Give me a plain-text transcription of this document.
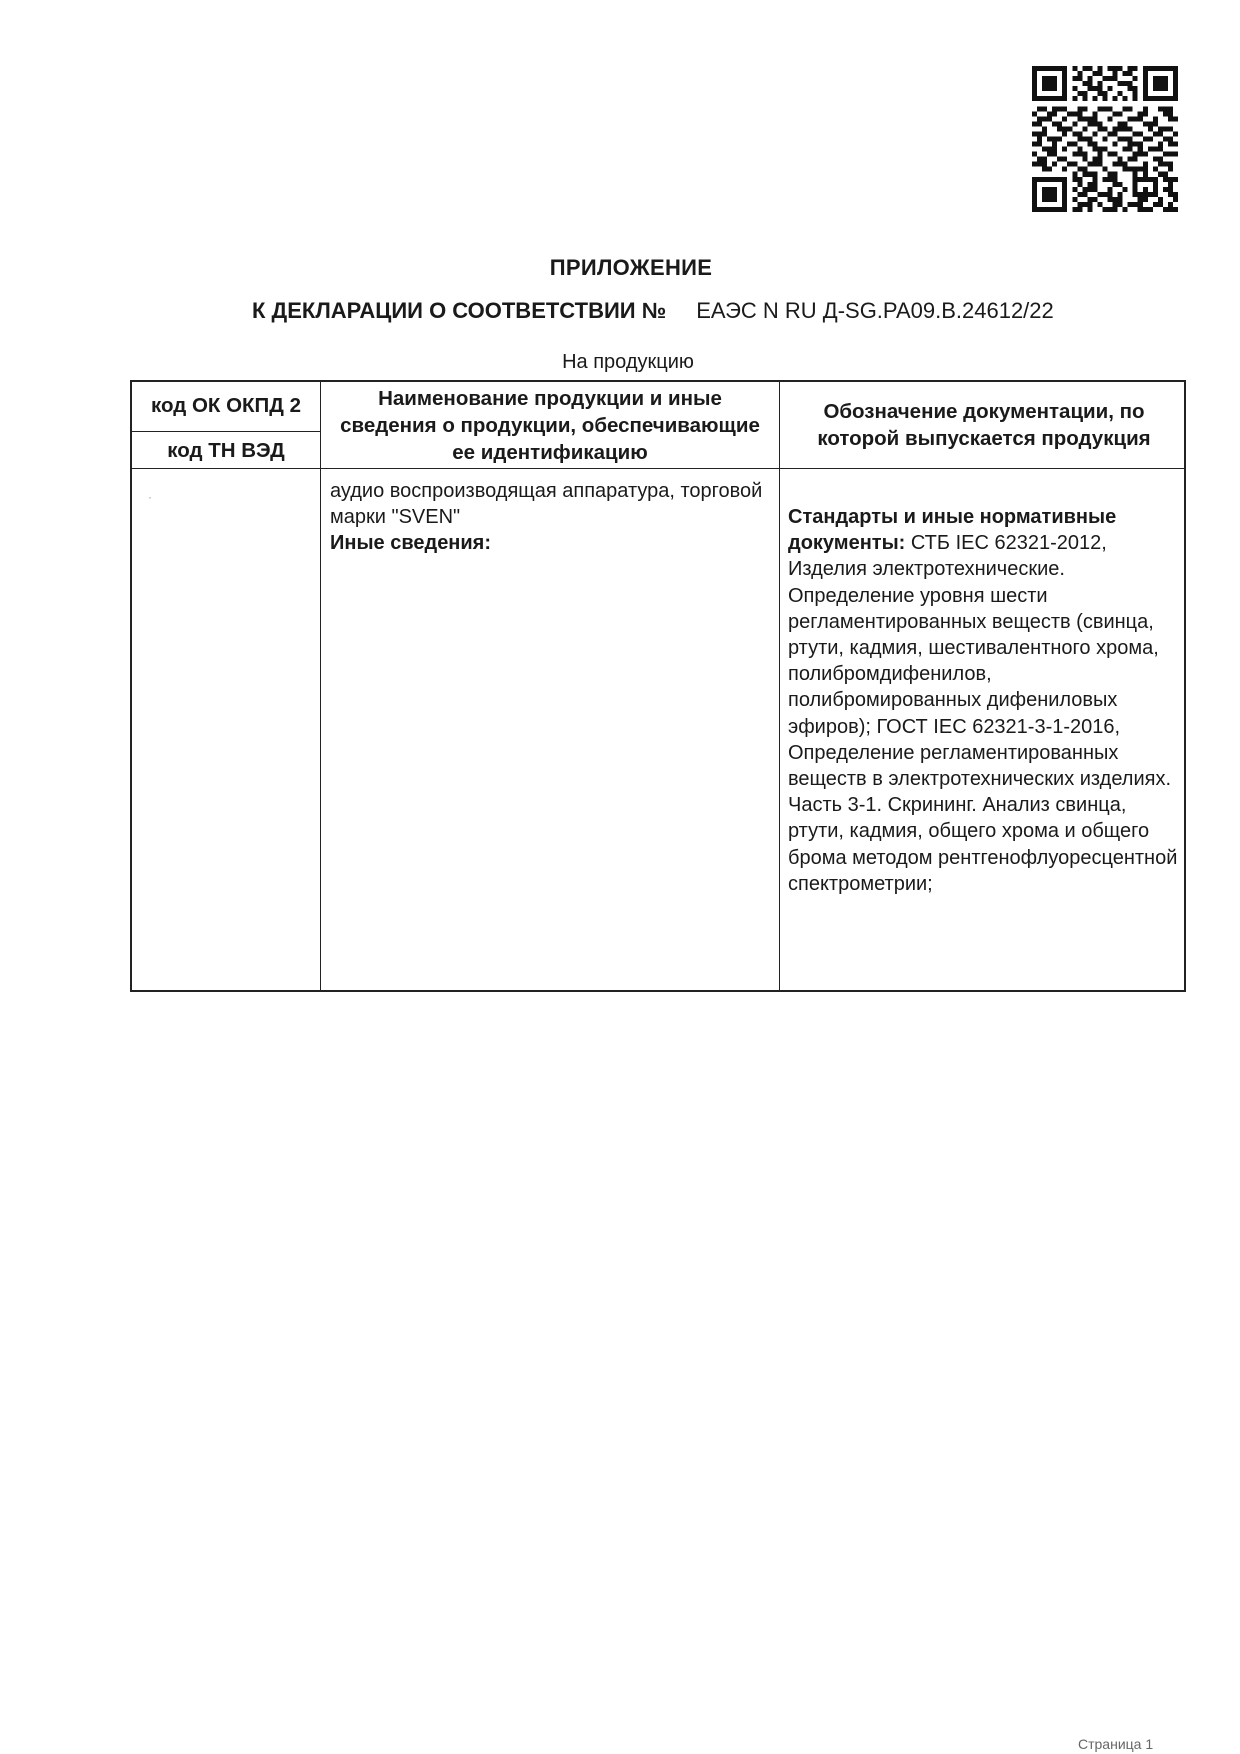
ПРИЛОЖЕНИЕ
К ДЕКЛАРАЦИИ О СООТВЕТСТВИИ № ЕАЭС N RU Д-SG.PA09.B.24612/22
На продукцию
код ОК ОКПД 2
код ТН ВЭД
Наименование продукции и иные сведения о продукции, обеспечивающие ее идентификацию
Обозначение документации, по которой выпускается продукция
·	аудио воспроизводящая аппаратура, торговой марки "SVEN"
Иные сведения:
Стандарты и иные нормативные документы: СТБ IEC 62321-2012, Изделия электротехнические. Определение уровня шести регламентированных веществ (свинца, ртути, кадмия, шестивалентного хрома, полибромдифенилов, полибромированных дифениловых эфиров); ГОСТ IEC 62321-3-1-2016, Определение регламентированных веществ в электротехнических изделиях. Часть 3-1. Скрининг. Анализ свинца, ртути, кадмия, общего хрома и общего брома методом рентгенофлуоресцентной спектрометрии;
Страница 1
